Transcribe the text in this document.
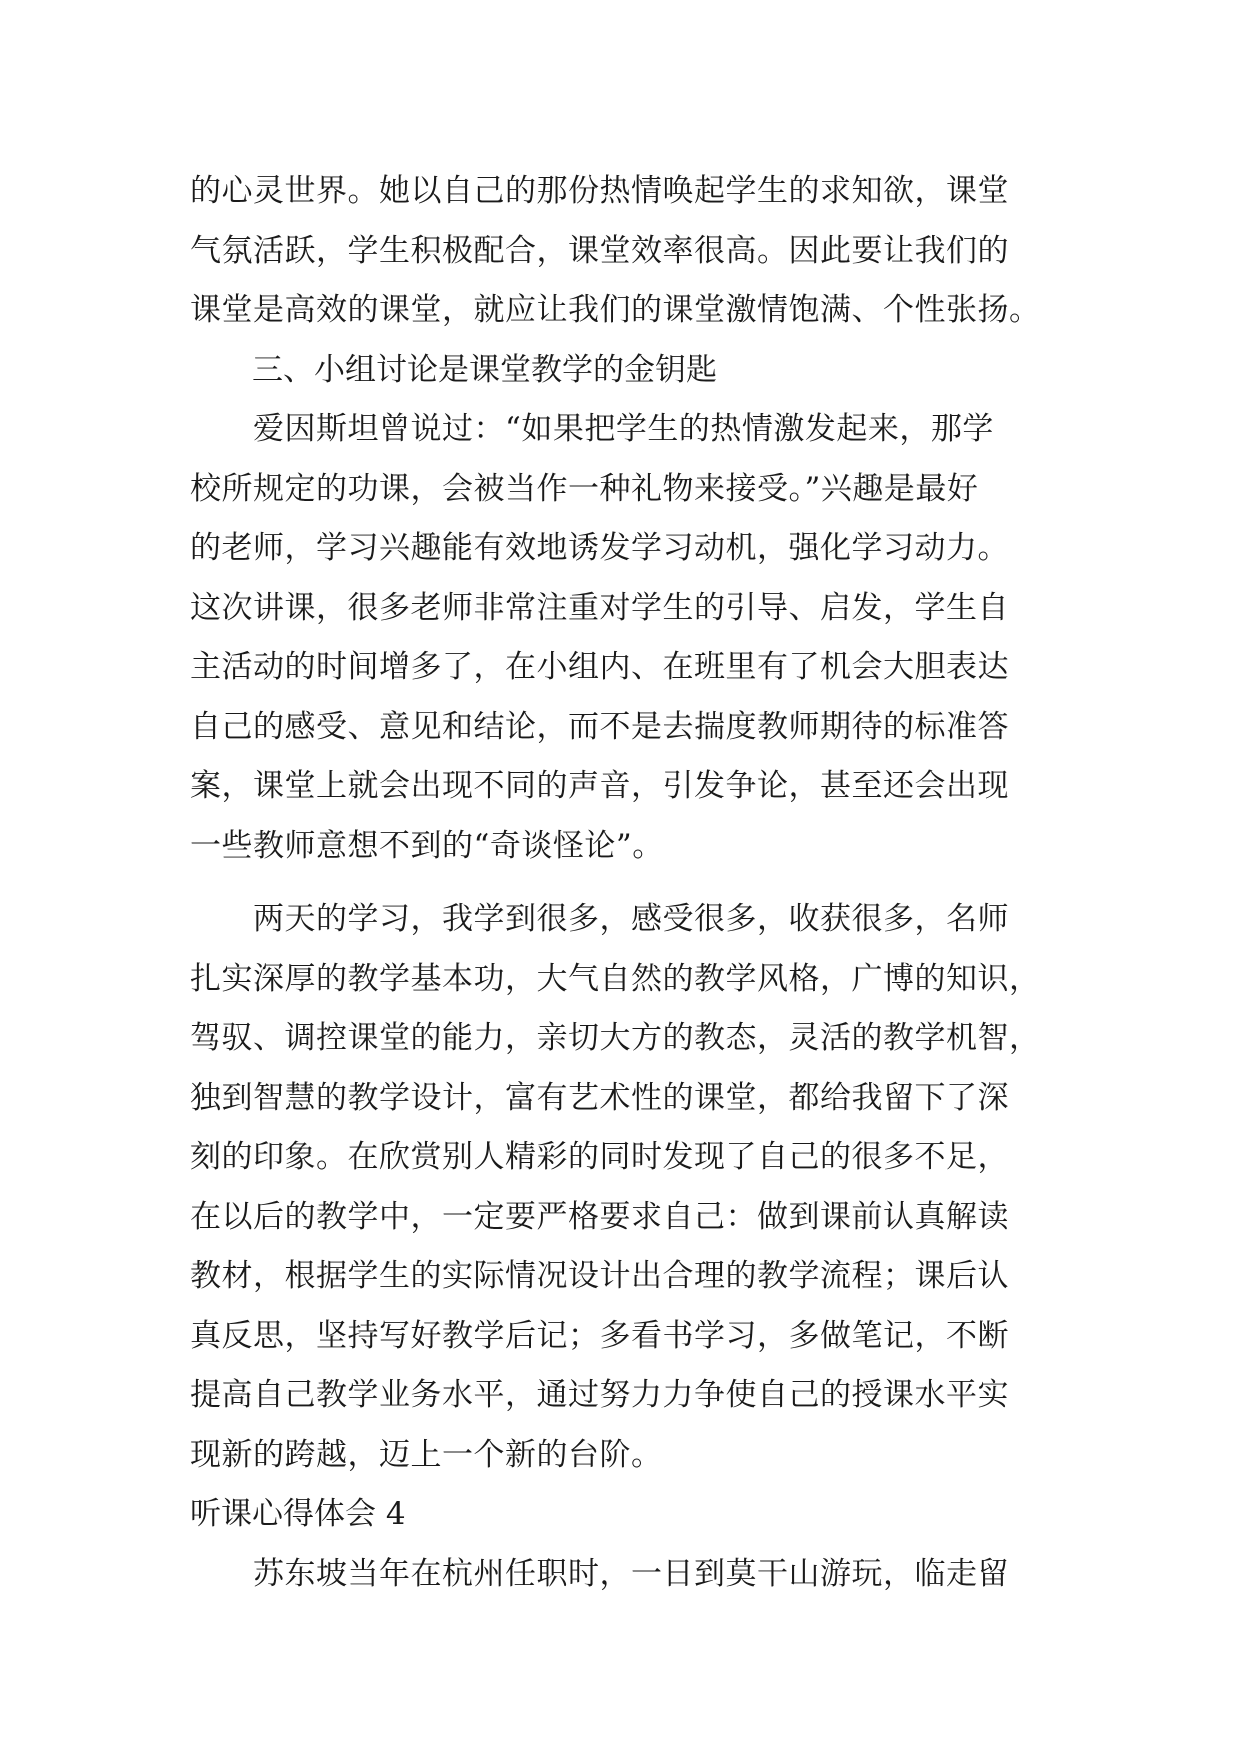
的心灵世界。她以自己的那份热情唤起学生的求知欲，课堂
气氛活跃，学生积极配合，课堂效率很高。因此要让我们的
课堂是高效的课堂，就应让我们的课堂激情饱满、个性张扬。
　　三、小组讨论是课堂教学的金钥匙
　　爱因斯坦曾说过：“如果把学生的热情激发起来，那学
校所规定的功课，会被当作一种礼物来接受。”兴趣是最好
的老师，学习兴趣能有效地诱发学习动机，强化学习动力。
这次讲课，很多老师非常注重对学生的引导、启发，学生自
主活动的时间增多了，在小组内、在班里有了机会大胆表达
自己的感受、意见和结论，而不是去揣度教师期待的标准答
案，课堂上就会出现不同的声音，引发争论，甚至还会出现
一些教师意想不到的“奇谈怪论”。
　　两天的学习，我学到很多，感受很多，收获很多，名师
扎实深厚的教学基本功，大气自然的教学风格，广博的知识，
驾驭、调控课堂的能力，亲切大方的教态，灵活的教学机智，
独到智慧的教学设计，富有艺术性的课堂，都给我留下了深
刻的印象。在欣赏别人精彩的同时发现了自己的很多不足，
在以后的教学中，一定要严格要求自己：做到课前认真解读
教材，根据学生的实际情况设计出合理的教学流程；课后认
真反思，坚持写好教学后记；多看书学习，多做笔记，不断
提高自己教学业务水平，通过努力力争使自己的授课水平实
现新的跨越，迈上一个新的台阶。
听课心得体会 4
　　苏东坡当年在杭州任职时，一日到莫干山游玩，临走留
